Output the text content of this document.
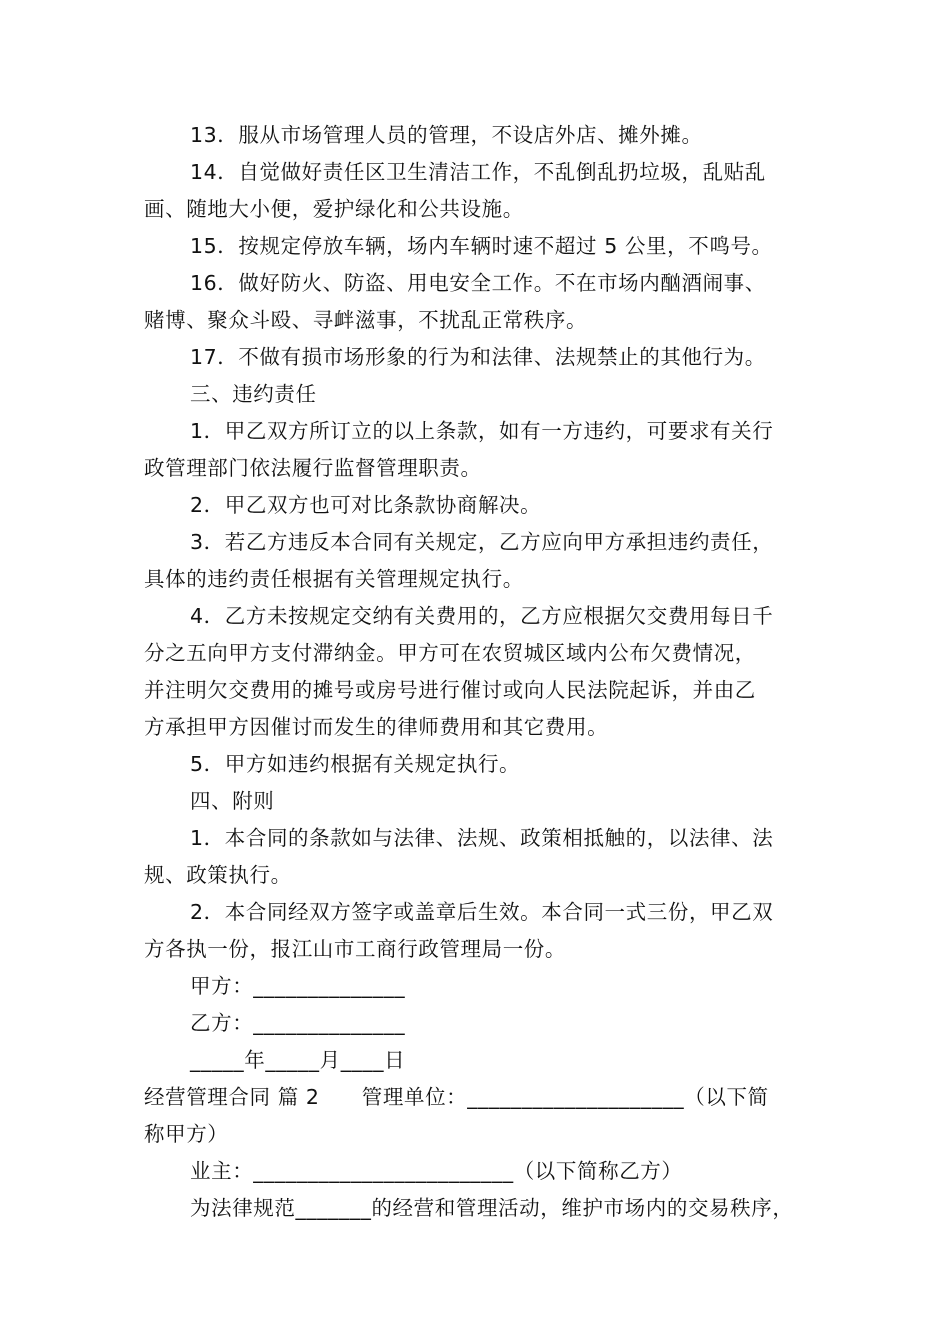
13．服从市场管理人员的管理，不设店外店、摊外摊。
14．自觉做好责任区卫生清洁工作，不乱倒乱扔垃圾，乱贴乱
画、随地大小便，爱护绿化和公共设施。
15．按规定停放车辆，场内车辆时速不超过 5 公里，不鸣号。
16．做好防火、防盗、用电安全工作。不在市场内酗酒闹事、
赌博、聚众斗殴、寻衅滋事，不扰乱正常秩序。
17．不做有损市场形象的行为和法律、法规禁止的其他行为。
三、违约责任
1．甲乙双方所订立的以上条款，如有一方违约，可要求有关行
政管理部门依法履行监督管理职责。
2．甲乙双方也可对比条款协商解决。
3．若乙方违反本合同有关规定，乙方应向甲方承担违约责任，
具体的违约责任根据有关管理规定执行。
4．乙方未按规定交纳有关费用的，乙方应根据欠交费用每日千
分之五向甲方支付滞纳金。甲方可在农贸城区域内公布欠费情况，
并注明欠交费用的摊号或房号进行催讨或向人民法院起诉，并由乙
方承担甲方因催讨而发生的律师费用和其它费用。
5．甲方如违约根据有关规定执行。
四、附则
1．本合同的条款如与法律、法规、政策相抵触的，以法律、法
规、政策执行。
2．本合同经双方签字或盖章后生效。本合同一式三份，甲乙双
方各执一份，报江山市工商行政管理局一份。
甲方：______________
乙方：______________
_____年_____月____日
经营管理合同 篇 2　　管理单位：____________________（以下简
称甲方）
业主：________________________（以下简称乙方）
为法律规范_______的经营和管理活动，维护市场内的交易秩序，
